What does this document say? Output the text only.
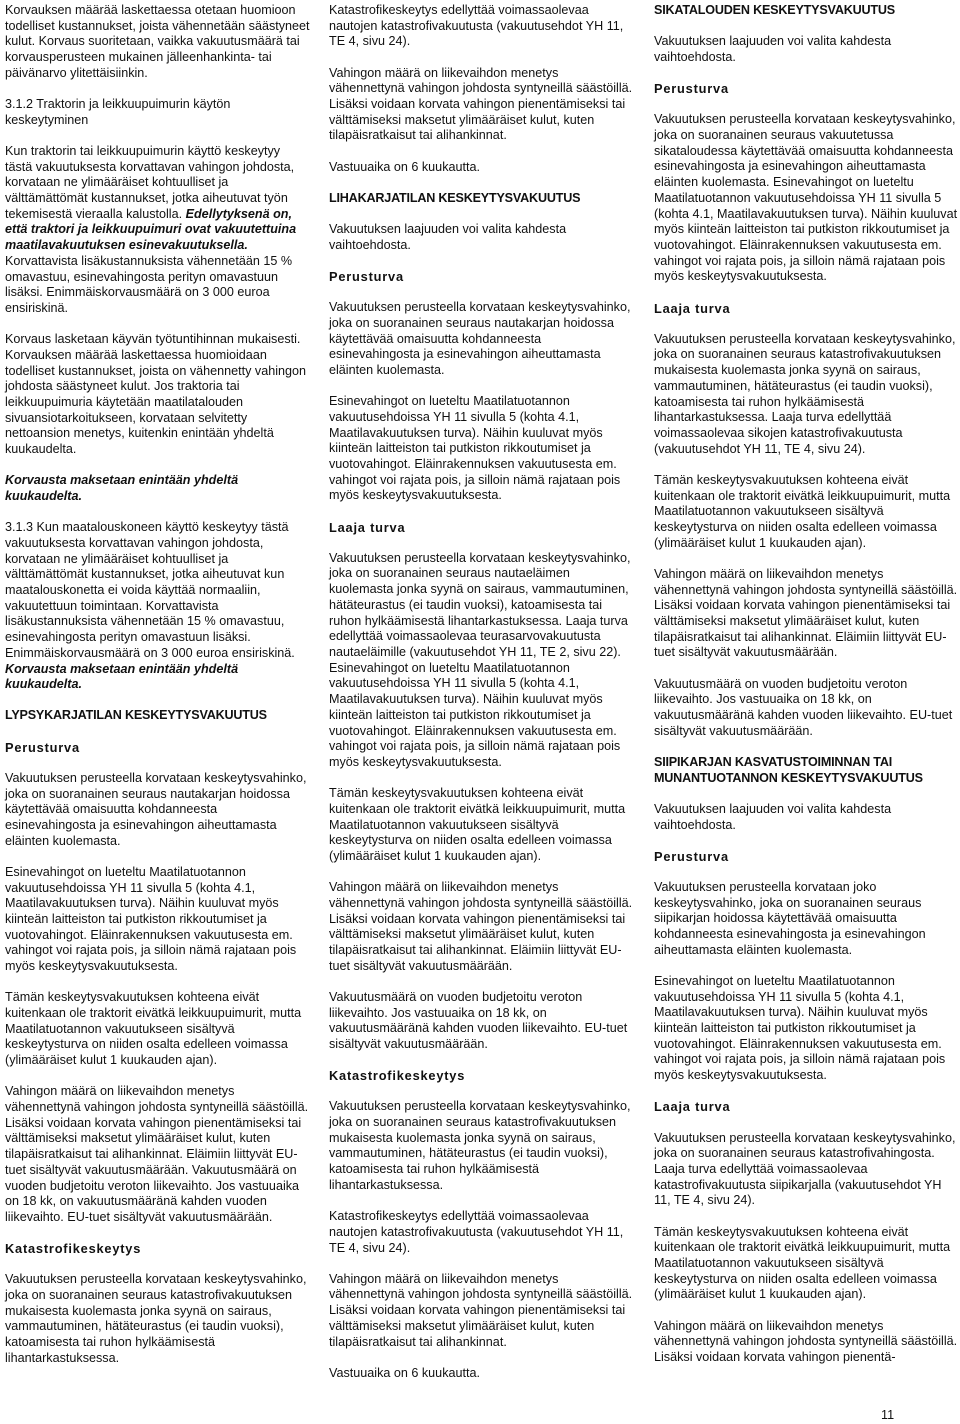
Korvauksen määrää laskettaessa otetaan huomioon todelliset kustannukset, joista vähennetään säästyneet kulut. Korvaus suoritetaan, vaikka vakuutusmäärä tai korvausperusteen mukainen jälleenhankinta- tai päivänarvo ylitettäisiinkin.

3.1.2 Traktorin ja leikkuupuimurin käytön keskeytyminen

Kun traktorin tai leikkuupuimurin käyttö keskeytyy tästä vakuutuksesta korvattavan vahingon johdosta, korvataan ne ylimääräiset kohtuulliset ja välttämättömät kustannukset, jotka aiheutuvat työn tekemisestä vieraalla kalustolla. Edellytyksenä on, että traktori ja leikkuupuimuri ovat vakuutettuina maatilavakuutuksen esinevakuutuksella. Korvattavista lisäkustannuksista vähennetään 15 % omavastuu, esinevahingosta perityn omavastuun lisäksi. Enimmäiskorvausmäärä on 3 000 euroa ensiriskinä.

Korvaus lasketaan käyvän työtuntihinnan mukaisesti. Korvauksen määrää laskettaessa huomioidaan todelliset kustannukset, joista on vähennetty vahingon johdosta säästyneet kulut. Jos traktoria tai leikkuupuimuria käytetään maatilatalouden sivuansiotarkoitukseen, korvataan selvitetty nettoansion menetys, kuitenkin enintään yhdeltä kuukaudelta.

Korvausta maksetaan enintään yhdeltä kuukaudelta.

3.1.3 Kun maatalouskoneen käyttö keskeytyy tästä vakuutuksesta korvattavan vahingon johdosta, korvataan ne ylimääräiset kohtuulliset ja välttämättömät kustannukset, jotka aiheutuvat kun maatalouskonetta ei voida käyttää normaaliin, vakuutettuun toimintaan. Korvattavista lisäkustannuksista vähennetään 15 % omavastuu, esinevahingosta perityn omavastuun lisäksi. Enimmäiskorvausmäärä on 3 000 euroa ensiriskinä. Korvausta maksetaan enintään yhdeltä kuukaudelta.

LYPSYKARJATILAN KESKEYTYSVAKUUTUS
Perusturva

Vakuutuksen perusteella korvataan keskeytysvahinko, joka on suoranainen seuraus nautakarjan hoidossa käytettävää omaisuutta kohdanneesta esinevahingosta ja esinevahingon aiheuttamasta eläinten kuolemasta.

Esinevahingot on lueteltu Maatilatuotannon vakuutusehdoissa YH 11 sivulla 5 (kohta 4.1, Maatilavakuutuksen turva). Näihin kuuluvat myös kiinteän laitteiston tai putkiston rikkoutumiset ja vuotovahingot. Eläinrakennuksen vakuutusesta em. vahingot voi rajata pois, ja silloin nämä rajataan pois myös keskeytysvakuutuksesta.

Tämän keskeytysvakuutuksen kohteena eivät kuitenkaan ole traktorit eivätkä leikkuupuimurit, mutta Maatilatuotannon vakuutukseen sisältyvä keskeytysturva on niiden osalta edelleen voimassa (ylimääräiset kulut 1 kuukauden ajan).

Vahingon määrä on liikevaihdon menetys vähennettynä vahingon johdosta syntyneillä säästöillä. Lisäksi voidaan korvata vahingon pienentämiseksi tai välttämiseksi maksetut ylimääräiset kulut, kuten tilapäisratkaisut tai alihankinnat. Eläimiin liittyvät EU-tuet sisältyvät vakuutusmäärään. Vakuutusmäärä on vuoden budjetoitu veroton liikevaihto. Jos vastuuaika on 18 kk, on vakuutusmääränä kahden vuoden liikevaihto. EU-tuet sisältyvät vakuutusmäärään.

Katastrofikeskeytys

Vakuutuksen perusteella korvataan keskeytysvahinko, joka on suoranainen seuraus katastrofivakuutuksen mukaisesta kuolemasta jonka syynä on sairaus, vammautuminen, hätäteurastus (ei taudin vuoksi), katoamisesta tai ruhon hylkäämisestä lihantarkastuksessa.

Katastrofikeskeytys edellyttää voimassaolevaa nautojen katastrofivakuutusta (vakuutusehdot YH 11, TE 4, sivu 24).

Vahingon määrä on liikevaihdon menetys vähennettynä vahingon johdosta syntyneillä säästöillä. Lisäksi voidaan korvata vahingon pienentämiseksi tai välttämiseksi maksetut ylimääräiset kulut, kuten tilapäisratkaisut tai alihankinnat.

Vastuuaika on 6 kuukautta.

LIHAKARJATILAN KESKEYTYSVAKUUTUS

Vakuutuksen laajuuden voi valita kahdesta vaihtoehdosta.

Perusturva

Vakuutuksen perusteella korvataan keskeytysvahinko, joka on suoranainen seuraus nautakarjan hoidossa käytettävää omaisuutta kohdanneesta esinevahingosta ja esinevahingon aiheuttamasta eläinten kuolemasta.

Esinevahingot on lueteltu Maatilatuotannon vakuutusehdoissa YH 11 sivulla 5 (kohta 4.1, Maatilavakuutuksen turva). Näihin kuuluvat myös kiinteän laitteiston tai putkiston rikkoutumiset ja vuotovahingot. Eläinrakennuksen vakuutusesta em. vahingot voi rajata pois, ja silloin nämä rajataan pois myös keskeytysvakuutuksesta.

Laaja turva

Vakuutuksen perusteella korvataan keskeytysvahinko, joka on suoranainen seuraus nautaeläimen kuolemasta jonka syynä on sairaus, vammautuminen, hätäteurastus (ei taudin vuoksi), katoamisesta tai ruhon hylkäämisestä lihantarkastuksessa. Laaja turva edellyttää voimassaolevaa teurasarvovakuutusta nautaeläimille (vakuutusehdot YH 11, TE 2, sivu 22). Esinevahingot on lueteltu Maatilatuotannon vakuutusehdoissa YH 11 sivulla 5 (kohta 4.1, Maatilavakuutuksen turva). Näihin kuuluvat myös kiinteän laitteiston tai putkiston rikkoutumiset ja vuotovahingot. Eläinrakennuksen vakuutusesta em. vahingot voi rajata pois, ja silloin nämä rajataan pois myös keskeytysvakuutuksesta.

Tämän keskeytysvakuutuksen kohteena eivät kuitenkaan ole traktorit eivätkä leikkuupuimurit, mutta Maatilatuotannon vakuutukseen sisältyvä keskeytysturva on niiden osalta edelleen voimassa (ylimääräiset kulut 1 kuukauden ajan).

Vahingon määrä on liikevaihdon menetys vähennettynä vahingon johdosta syntyneillä säästöillä. Lisäksi voidaan korvata vahingon pienentämiseksi tai välttämiseksi maksetut ylimääräiset kulut, kuten tilapäisratkaisut tai alihankinnat. Eläimiin liittyvät EU-tuet sisältyvät vakuutusmäärään.

Vakuutusmäärä on vuoden budjetoitu veroton liikevaihto. Jos vastuuaika on 18 kk, on vakuutusmääränä kahden vuoden liikevaihto. EU-tuet sisältyvät vakuutusmäärään.

Katastrofikeskeytys

Vakuutuksen perusteella korvataan keskeytysvahinko, joka on suoranainen seuraus katastrofivakuutuksen mukaisesta kuolemasta jonka syynä on sairaus, vammautuminen, hätäteurastus (ei taudin vuoksi), katoamisesta tai ruhon hylkäämisestä lihantarkastuksessa.

Katastrofikeskeytys edellyttää voimassaolevaa nautojen katastrofivakuutusta (vakuutusehdot YH 11, TE 4, sivu 24).

Vahingon määrä on liikevaihdon menetys vähennettynä vahingon johdosta syntyneillä säästöillä. Lisäksi voidaan korvata vahingon pienentämiseksi tai välttämiseksi maksetut ylimääräiset kulut, kuten tilapäisratkaisut tai alihankinnat.

Vastuuaika on 6 kuukautta.

SIKATALOUDEN KESKEYTYSVAKUUTUS

Vakuutuksen laajuuden voi valita kahdesta vaihtoehdosta.

Perusturva

Vakuutuksen perusteella korvataan keskeytysvahinko, joka on suoranainen seuraus vakuutetussa sikataloudessa käytettävää omaisuutta kohdanneesta esinevahingosta ja esinevahingon aiheuttamasta eläinten kuolemasta. Esinevahingot on lueteltu Maatilatuotannon vakuutusehdoissa YH 11 sivulla 5 (kohta 4.1, Maatilavakuutuksen turva). Näihin kuuluvat myös kiinteän laitteiston tai putkiston rikkoutumiset ja vuotovahingot. Eläinrakennuksen vakuutusesta em. vahingot voi rajata pois, ja silloin nämä rajataan pois myös keskeytysvakuutuksesta.

Laaja turva

Vakuutuksen perusteella korvataan keskeytysvahinko, joka on suoranainen seuraus katastrofivakuutuksen mukaisesta kuolemasta jonka syynä on sairaus, vammautuminen, hätäteurastus (ei taudin vuoksi), katoamisesta tai ruhon hylkäämisestä lihantarkastuksessa. Laaja turva edellyttää voimassaolevaa sikojen katastrofivakuutusta (vakuutusehdot YH 11, TE 4, sivu 24).

Tämän keskeytysvakuutuksen kohteena eivät kuitenkaan ole traktorit eivätkä leikkuupuimurit, mutta Maatilatuotannon vakuutukseen sisältyvä keskeytysturva on niiden osalta edelleen voimassa (ylimääräiset kulut 1 kuukauden ajan).

Vahingon määrä on liikevaihdon menetys vähennettynä vahingon johdosta syntyneillä säästöillä. Lisäksi voidaan korvata vahingon pienentämiseksi tai välttämiseksi maksetut ylimääräiset kulut, kuten tilapäisratkaisut tai alihankinnat. Eläimiin liittyvät EU-tuet sisältyvät vakuutusmäärään.

Vakuutusmäärä on vuoden budjetoitu veroton liikevaihto. Jos vastuuaika on 18 kk, on vakuutusmääränä kahden vuoden liikevaihto. EU-tuet sisältyvät vakuutusmäärään.

SIIPIKARJAN KASVATUSTOIMINNAN TAI MUNANTUOTANNON KESKEYTYSVAKUUTUS

Vakuutuksen laajuuden voi valita kahdesta vaihtoehdosta.

Perusturva

Vakuutuksen perusteella korvataan joko keskeytysvahinko, joka on suoranainen seuraus siipikarjan hoidossa käytettävää omaisuutta kohdanneesta esinevahingosta ja esinevahingon aiheuttamasta eläinten kuolemasta.

Esinevahingot on lueteltu Maatilatuotannon vakuutusehdoissa YH 11 sivulla 5 (kohta 4.1, Maatilavakuutuksen turva). Näihin kuuluvat myös kiinteän laitteiston tai putkiston rikkoutumiset ja vuotovahingot. Eläinrakennuksen vakuutusesta em. vahingot voi rajata pois, ja silloin nämä rajataan pois myös keskeytysvakuutuksesta.

Laaja turva

Vakuutuksen perusteella korvataan keskeytysvahinko, joka on suoranainen seuraus katastrofivahingosta. Laaja turva edellyttää voimassaolevaa katastrofivakuutusta siipikarjalla (vakuutusehdot YH 11, TE 4, sivu 24).

Tämän keskeytysvakuutuksen kohteena eivät kuitenkaan ole traktorit eivätkä leikkuupuimurit, mutta Maatilatuotannon vakuutukseen sisältyvä keskeytysturva on niiden osalta edelleen voimassa (ylimääräiset kulut 1 kuukauden ajan).

Vahingon määrä on liikevaihdon menetys vähennettynä vahingon johdosta syntyneillä säästöillä. Lisäksi voidaan korvata vahingon pienentä-

11
